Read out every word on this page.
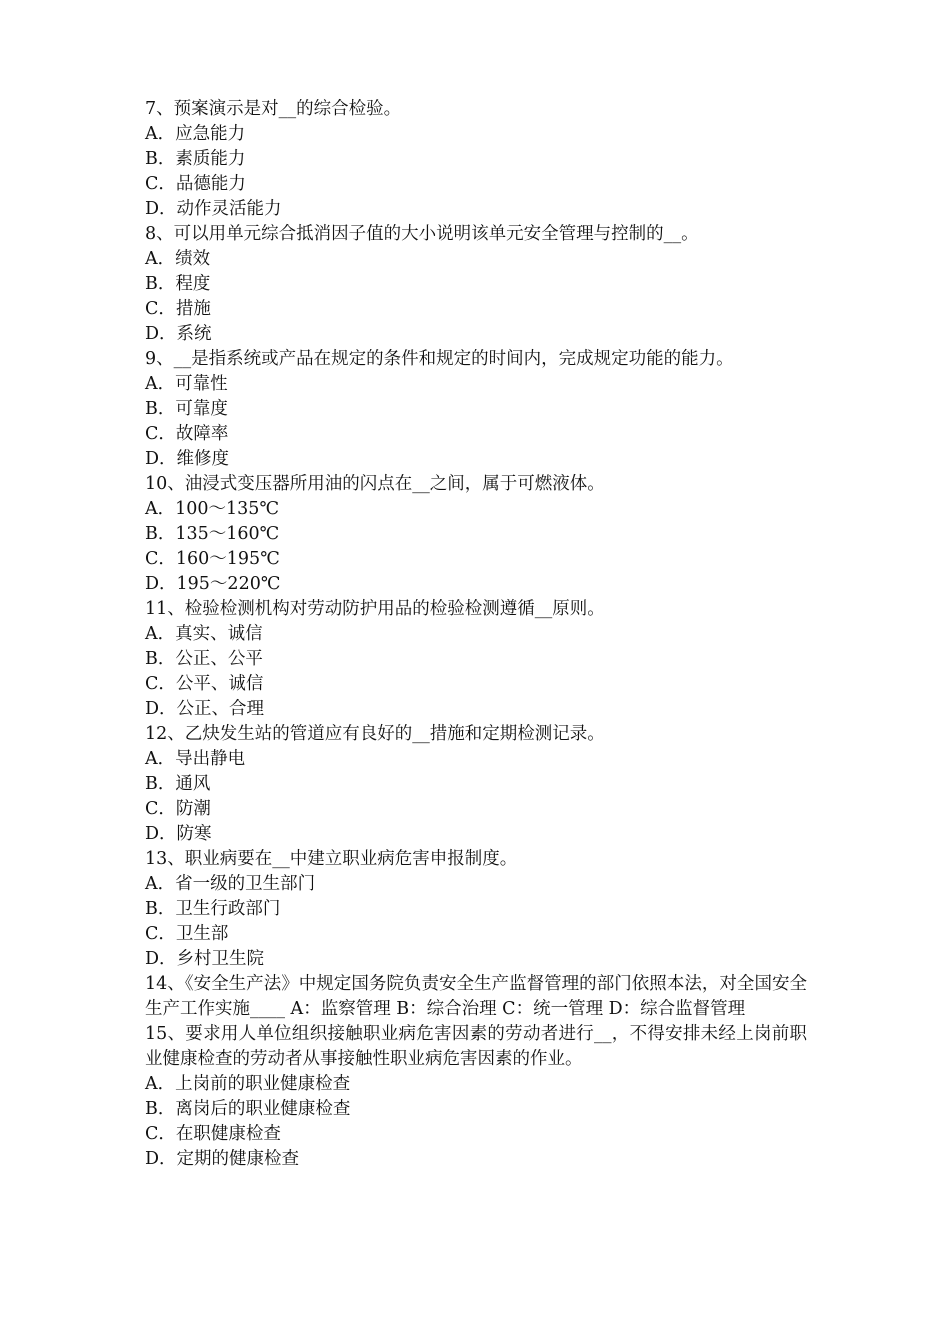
7、预案演示是对__的综合检验。
A．应急能力
B．素质能力
C．品德能力
D．动作灵活能力
8、可以用单元综合抵消因子值的大小说明该单元安全管理与控制的__。
A．绩效
B．程度
C．措施
D．系统
9、__是指系统或产品在规定的条件和规定的时间内，完成规定功能的能力。
A．可靠性
B．可靠度
C．故障率
D．维修度
10、油浸式变压器所用油的闪点在__之间，属于可燃液体。
A．100～135℃
B．135～160℃
C．160～195℃
D．195～220℃
11、检验检测机构对劳动防护用品的检验检测遵循__原则。
A．真实、诚信
B．公正、公平
C．公平、诚信
D．公正、合理
12、乙炔发生站的管道应有良好的__措施和定期检测记录。
A．导出静电
B．通风
C．防潮
D．防寒
13、职业病要在__中建立职业病危害申报制度。
A．省一级的卫生部门
B．卫生行政部门
C．卫生部
D．乡村卫生院
14、《安全生产法》中规定国务院负责安全生产监督管理的部门依照本法，对全国安全生产工作实施____ A：监察管理 B：综合治理 C：统一管理 D：综合监督管理
15、要求用人单位组织接触职业病危害因素的劳动者进行__，不得安排未经上岗前职业健康检查的劳动者从事接触性职业病危害因素的作业。
A．上岗前的职业健康检查
B．离岗后的职业健康检查
C．在职健康检查
D．定期的健康检查
